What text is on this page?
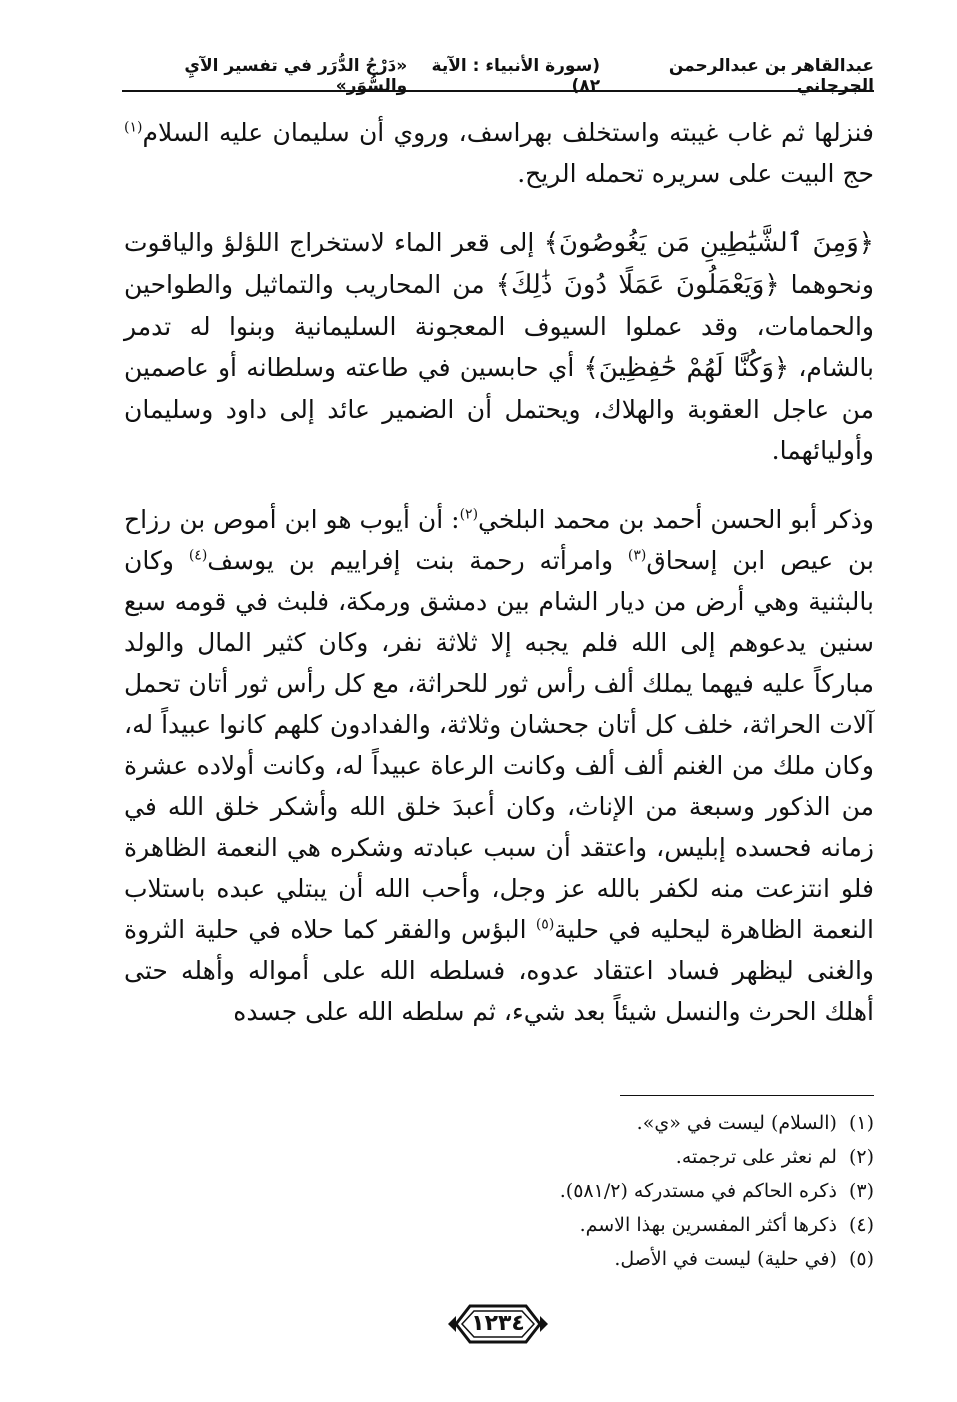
عبدالقاهر بن عبدالرحمن الجرجاني
(سورة الأنبياء : الآية ٨٢)
«دَرْجُ الدُّرَر في تفسير الآيِ والسُّوَر»

فنزلها ثم غاب غيبته واستخلف بهراسف، وروي أن سليمان عليه السلام$^{(١)}$ حج البيت على سريره تحمله الريح.

﴿وَمِنَ ٱلشَّيَٰطِينِ مَن يَغُوصُونَ﴾ إلى قعر الماء لاستخراج اللؤلؤ والياقوت ونحوهما ﴿وَيَعْمَلُونَ عَمَلًا دُونَ ذَٰلِكَ﴾ من المحاريب والتماثيل والطواحين والحمامات، وقد عملوا السيوف المعجونة السليمانية وبنوا له تدمر بالشام، ﴿وَكُنَّا لَهُمْ حَٰفِظِينَ﴾ أي حابسين في طاعته وسلطانه أو عاصمين من عاجل العقوبة والهلاك، ويحتمل أن الضمير عائد إلى داود وسليمان وأوليائهما.

وذكر أبو الحسن أحمد بن محمد البلخي$^{(٢)}$: أن أيوب هو ابن أموص بن رزاح بن عيص ابن إسحاق$^{(٣)}$ وامرأته رحمة بنت إفراييم بن يوسف$^{(٤)}$ وكان بالبثنية وهي أرض من ديار الشام بين دمشق ورمكة، فلبث في قومه سبع سنين يدعوهم إلى الله فلم يجبه إلا ثلاثة نفر، وكان كثير المال والولد مباركاً عليه فيهما يملك ألف رأس ثور للحراثة، مع كل رأس ثور أتان تحمل آلات الحراثة، خلف كل أتان جحشان وثلاثة، والفدادون كلهم كانوا عبيداً له، وكان ملك من الغنم ألف ألف وكانت الرعاة عبيداً له، وكانت أولاده عشرة من الذكور وسبعة من الإناث، وكان أعبدَ خلق الله وأشكر خلق الله في زمانه فحسده إبليس، واعتقد أن سبب عبادته وشكره هي النعمة الظاهرة فلو انتزعت منه لكفر بالله عز وجل، وأحب الله أن يبتلي عبده باستلاب النعمة الظاهرة ليحليه في حلية$^{(٥)}$ البؤس والفقر كما حلاه في حلية الثروة والغنى ليظهر فساد اعتقاد عدوه، فسلطه الله على أمواله وأهله حتى أهلك الحرث والنسل شيئاً بعد شيء، ثم سلطه الله على جسده

(١)(السلام) ليست في «ي».
(٢)لم نعثر على ترجمته.
(٣)ذكره الحاكم في مستدركه (٥٨١/٢).
(٤)ذكرها أكثر المفسرين بهذا الاسم.
(٥)(في حلية) ليست في الأصل.
١٢٣٤
